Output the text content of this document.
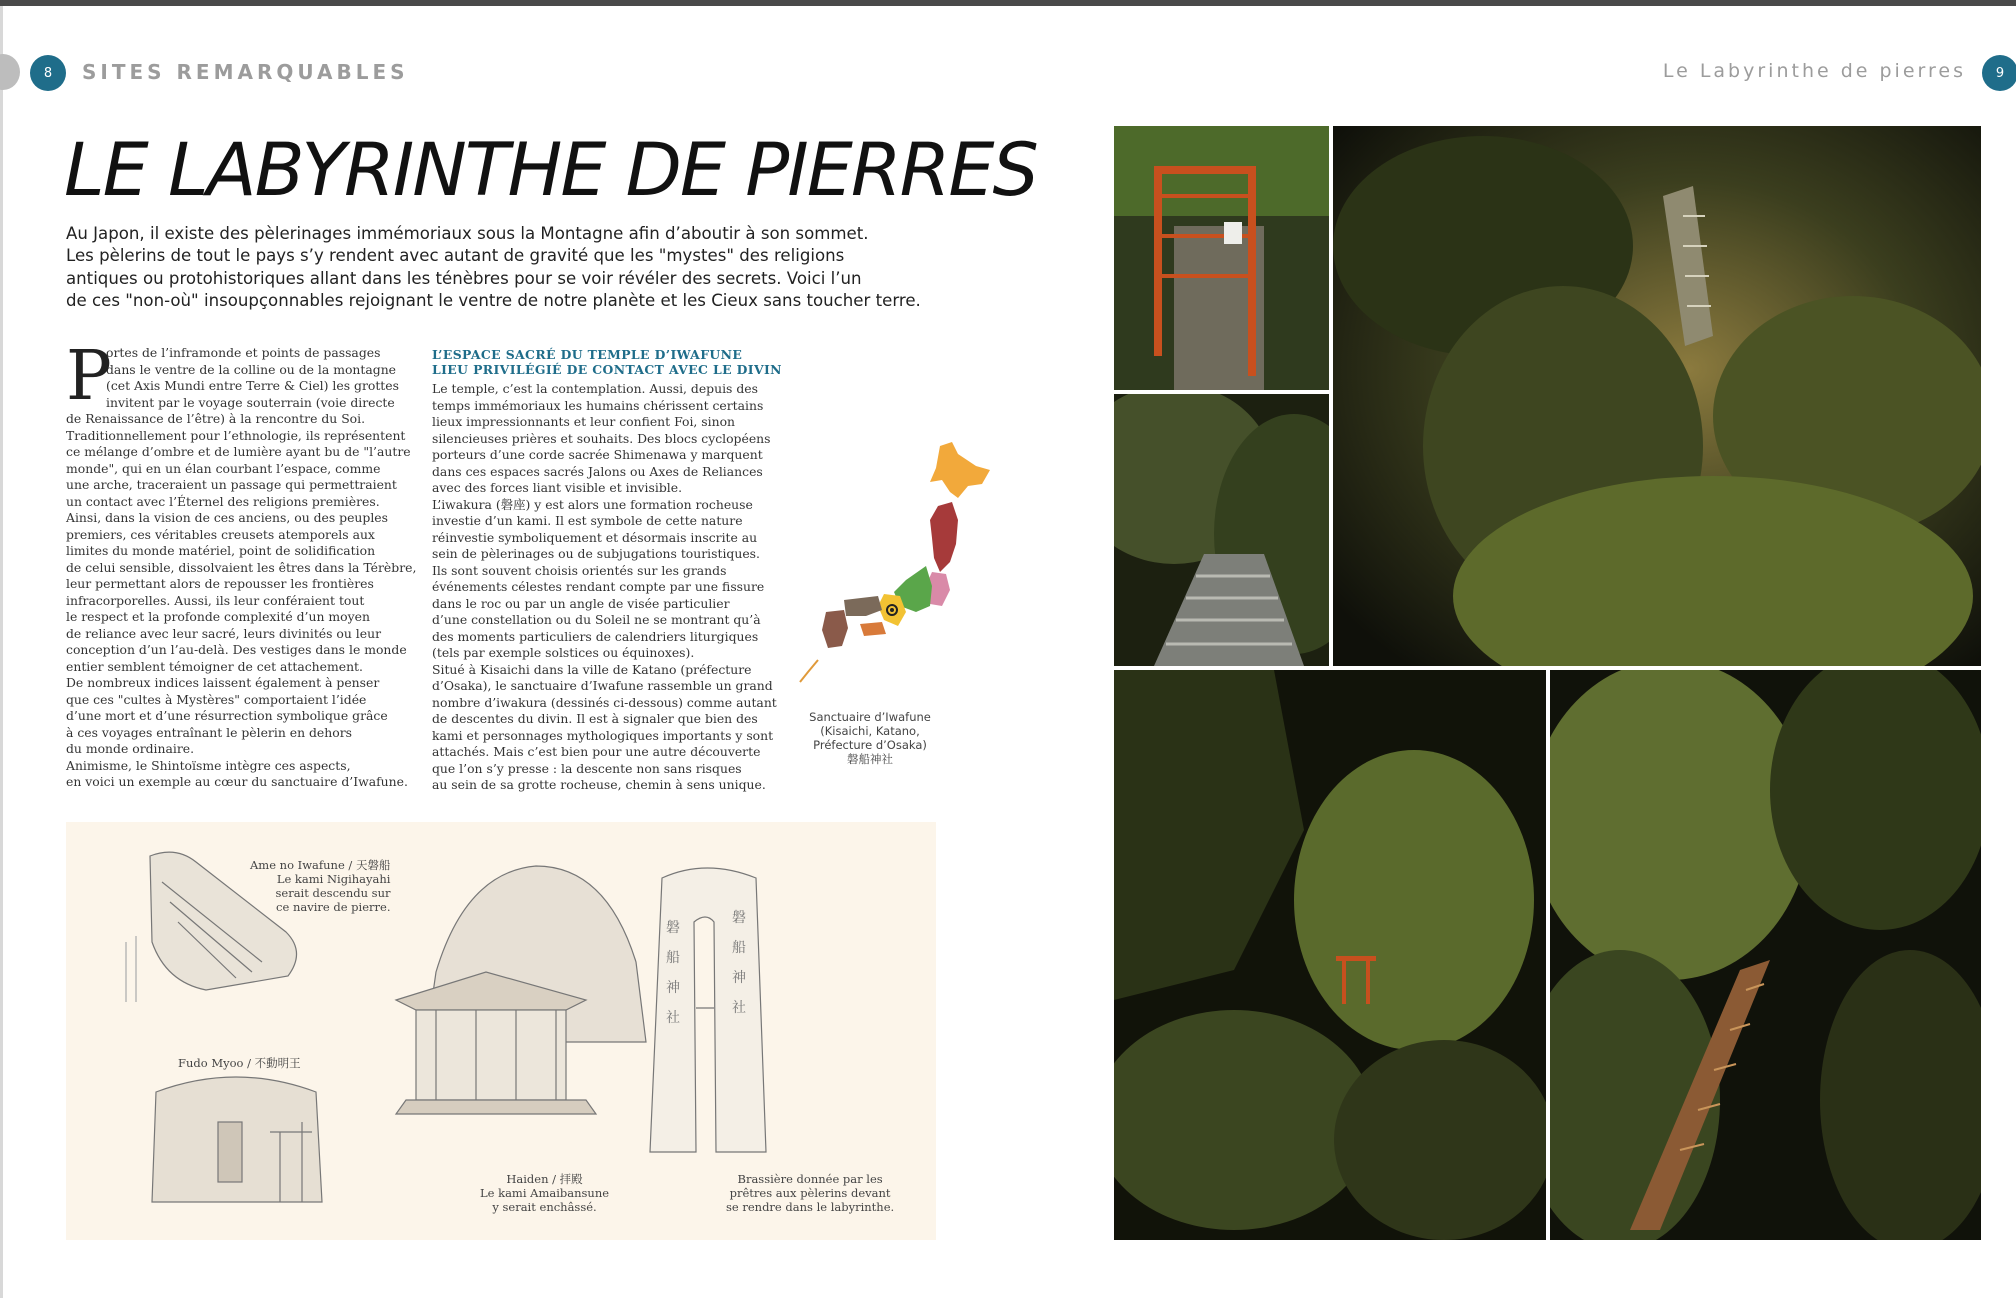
8	SITES REMARQUABLES	Le Labyrinthe de pierres	9
LE LABYRINTHE DE PIERRES

Au Japon, il existe des pèlerinages immémoriaux sous la Montagne afin d’aboutir à son sommet.

Les pèlerins de tout le pays s’y rendent avec autant de gravité que les "mystes" des religions

antiques ou protohistoriques allant dans les ténèbres pour se voir révéler des secrets. Voici l’un

de ces "non-où" insoupçonnables rejoignant le ventre de notre planète et les Cieux sans toucher terre.

P

ortes de l’inframonde et points de passages

dans le ventre de la colline ou de la montagne

(cet Axis Mundi entre Terre & Ciel) les grottes

invitent par le voyage souterrain (voie directe

de Renaissance de l’être) à la rencontre du Soi.

Traditionnellement pour l’ethnologie, ils représentent

ce mélange d’ombre et de lumière ayant bu de "l’autre

monde", qui en un élan courbant l’espace, comme

une arche, traceraient un passage qui permettraient

un contact avec l’Éternel des religions premières.

Ainsi, dans la vision de ces anciens, ou des peuples

premiers, ces véritables creusets atemporels aux

limites du monde matériel, point de solidification

de celui sensible, dissolvaient les êtres dans la Térèbre,

leur permettant alors de repousser les frontières

infracorporelles. Aussi, ils leur conféraient tout

le respect et la profonde complexité d’un moyen

de reliance avec leur sacré, leurs divinités ou leur

conception d’un l’au-delà. Des vestiges dans le monde

entier semblent témoigner de cet attachement.

De nombreux indices laissent également à penser

que ces "cultes à Mystères" comportaient l’idée

d’une mort et d’une résurrection symbolique grâce

à ces voyages entraînant le pèlerin en dehors

du monde ordinaire.

Animisme, le Shintoïsme intègre ces aspects,

en voici un exemple au cœur du sanctuaire d’Iwafune.

L’ESPACE SACRÉ DU TEMPLE D’IWAFUNE
LIEU PRIVILÉGIÉ DE CONTACT AVEC LE DIVIN

Le temple, c’est la contemplation. Aussi, depuis des

temps immémoriaux les humains chérissent certains

lieux impressionnants et leur confient Foi, sinon

silencieuses prières et souhaits. Des blocs cyclopéens

porteurs d’une corde sacrée Shimenawa y marquent

dans ces espaces sacrés Jalons ou Axes de Reliances

avec des forces liant visible et invisible.

L’iwakura (磐座) y est alors une formation rocheuse

investie d’un kami. Il est symbole de cette nature

réinvestie symboliquement et désormais inscrite au

sein de pèlerinages ou de subjugations touristiques.

Ils sont souvent choisis orientés sur les grands

événements célestes rendant compte par une fissure

dans le roc ou par un angle de visée particulier

d’une constellation ou du Soleil ne se montrant qu’à

des moments particuliers de calendriers liturgiques

(tels par exemple solstices ou équinoxes).

Situé à Kisaichi dans la ville de Katano (préfecture

d’Osaka), le sanctuaire d’Iwafune rassemble un grand

nombre d’iwakura (dessinés ci-dessous) comme autant

de descentes du divin. Il est à signaler que bien des

kami et personnages mythologiques importants y sont

attachés. Mais c’est bien pour une autre découverte

que l’on s’y presse : la descente non sans risques

au sein de sa grotte rocheuse, chemin à sens unique.

Sanctuaire d’Iwafune
(Kisaichi, Katano,
Préfecture d’Osaka)
磐船神社
磐
船
神
社
磐
船
神
社
Ame no Iwafune / 天磐船
Le kami Nigihayahi
serait descendu sur
ce navire de pierre.
Fudo Myoo / 不動明王
Haiden / 拝殿
Le kami Amaibansune
y serait enchâssé.
Brassière donnée par les
prêtres aux pèlerins devant
se rendre dans le labyrinthe.
